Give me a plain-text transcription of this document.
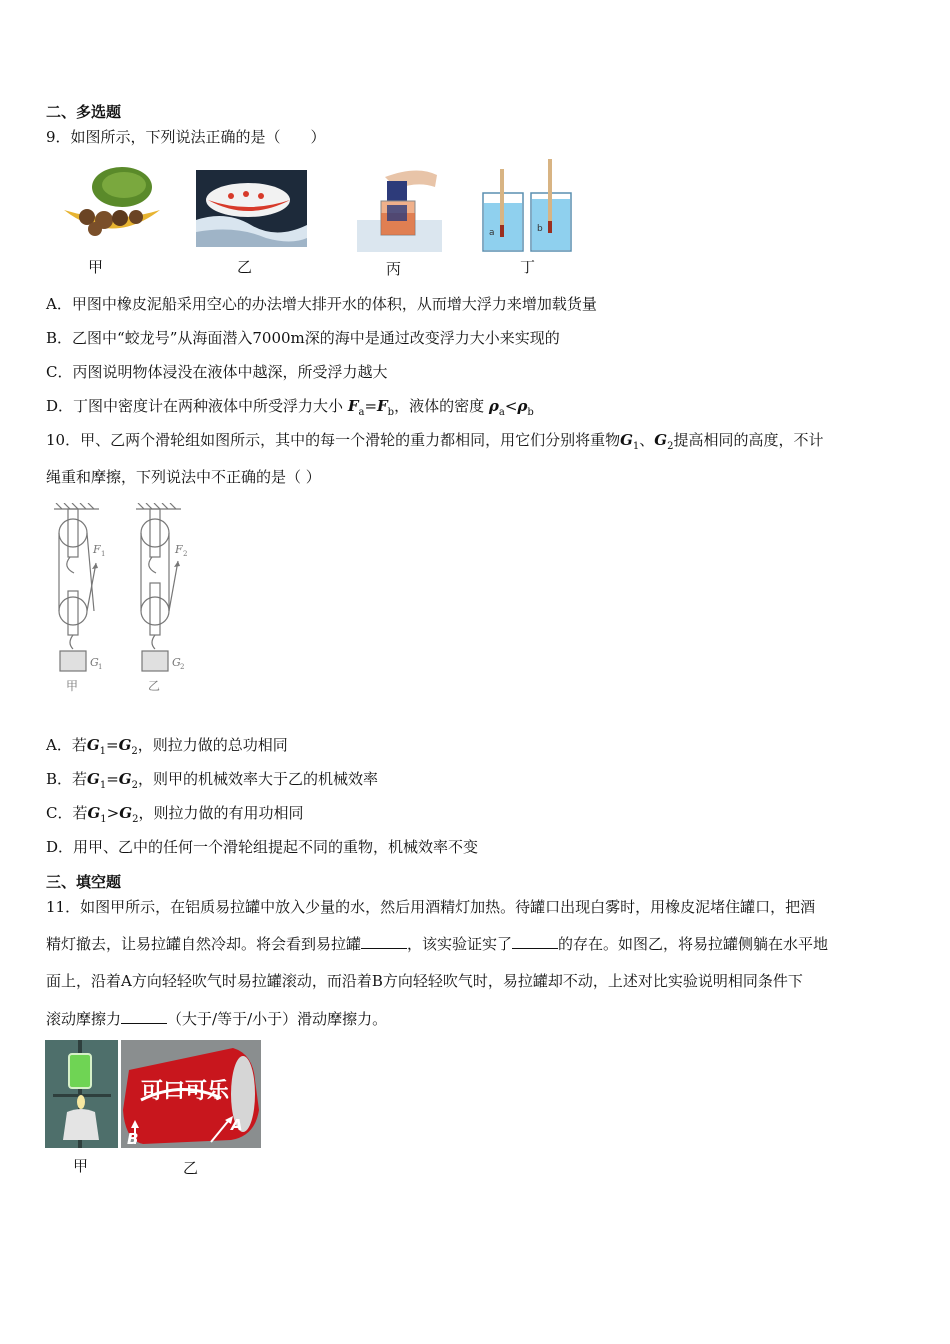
二、多选题
9．如图所示，下列说法正确的是（　　）
甲	乙	丙
a	b
丁
A．甲图中橡皮泥船采用空心的办法增大排开水的体积，从而增大浮力来增加载货量
B．乙图中“蛟龙号”从海面潜入7000m深的海中是通过改变浮力大小来实现的
C．丙图说明物体浸没在液体中越深，所受浮力越大
D．丁图中密度计在两种液体中所受浮力大小 $F_a=F_b$，液体的密度 $\rho_a<\rho_b$
10．甲、乙两个滑轮组如图所示，其中的每一个滑轮的重力都相同，用它们分别将重物$G_1$、$G_2$提高相同的高度，不计
绳重和摩擦，下列说法中不正确的是（ ）
F 1	F 2
G 1	G 2
甲	乙
A．若$G_1=G_2$，则拉力做的总功相同
B．若$G_1=G_2$，则甲的机械效率大于乙的机械效率
C．若$G_1>G_2$，则拉力做的有用功相同
D．用甲、乙中的任何一个滑轮组提起不同的重物，机械效率不变
三、填空题
11．如图甲所示，在铝质易拉罐中放入少量的水，然后用酒精灯加热。待罐口出现白雾时，用橡皮泥堵住罐口，把酒
精灯撤去，让易拉罐自然冷却。将会看到易拉罐	，该实验证实了	的存在。如图乙，将易拉罐侧躺在水平地
面上，沿着A方向轻轻吹气时易拉罐滚动，而沿着B方向轻轻吹气时，易拉罐却不动，上述对比实验说明相同条件下
滚动摩擦力	（大于/等于/小于）滑动摩擦力。
甲
可口可乐
B
A
乙
